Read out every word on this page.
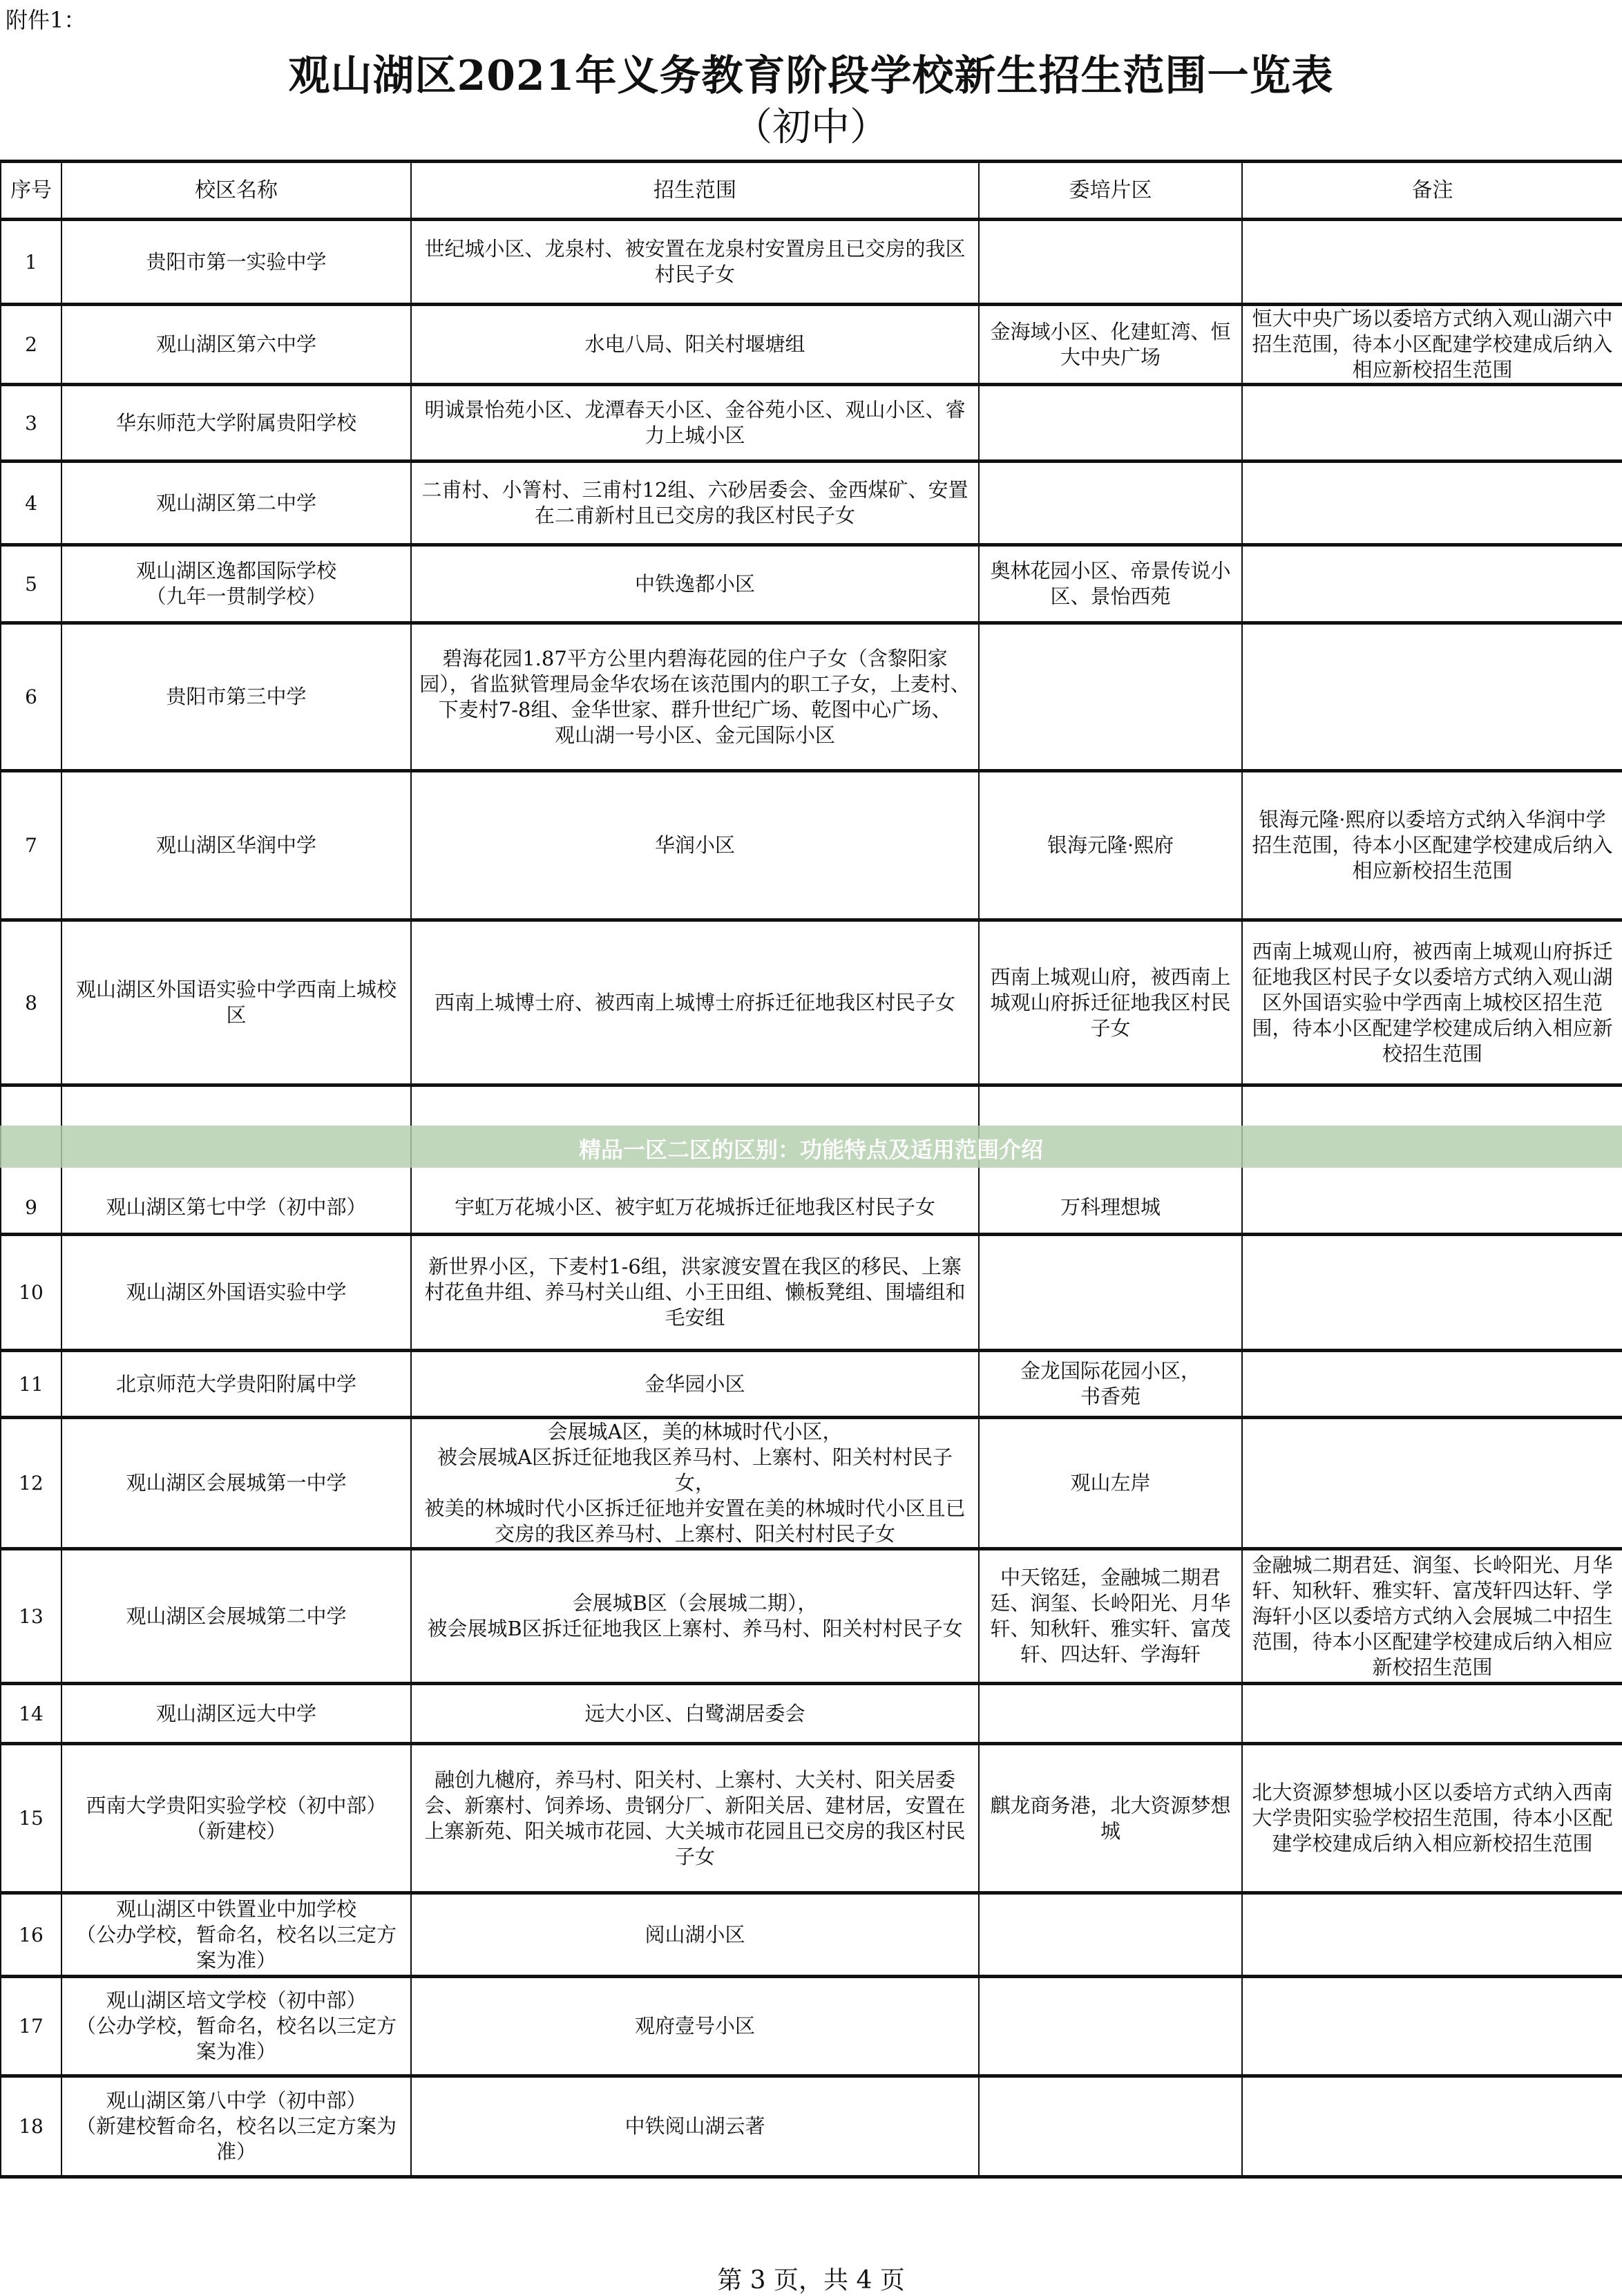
附件1：
观山湖区2021年义务教育阶段学校新生招生范围一览表
（初中）
序号	校区名称	招生范围	委培片区	备注
1	贵阳市第一实验中学	世纪城小区、龙泉村、被安置在龙泉村安置房且已交房的我区村民子女		
2	观山湖区第六中学	水电八局、阳关村堰塘组	金海域小区、化建虹湾、恒大中央广场	恒大中央广场以委培方式纳入观山湖六中招生范围，待本小区配建学校建成后纳入相应新校招生范围
3	华东师范大学附属贵阳学校	明诚景怡苑小区、龙潭春天小区、金谷苑小区、观山小区、睿力上城小区		
4	观山湖区第二中学	二甫村、小箐村、三甫村12组、六砂居委会、金西煤矿、安置在二甫新村且已交房的我区村民子女		
5	观山湖区逸都国际学校
（九年一贯制学校）	中铁逸都小区	奥林花园小区、帝景传说小区、景怡西苑	
6	贵阳市第三中学	碧海花园1.87平方公里内碧海花园的住户子女（含黎阳家园），省监狱管理局金华农场在该范围内的职工子女，上麦村、下麦村7-8组、金华世家、群升世纪广场、乾图中心广场、
观山湖一号小区、金元国际小区		
7	观山湖区华润中学	华润小区	银海元隆·熙府	银海元隆·熙府以委培方式纳入华润中学招生范围，待本小区配建学校建成后纳入相应新校招生范围
8	观山湖区外国语实验中学西南上城校区	西南上城博士府、被西南上城博士府拆迁征地我区村民子女	西南上城观山府，被西南上城观山府拆迁征地我区村民子女	西南上城观山府，被西南上城观山府拆迁征地我区村民子女以委培方式纳入观山湖区外国语实验中学西南上城校区招生范围，待本小区配建学校建成后纳入相应新校招生范围
9	观山湖区第七中学（初中部）	宇虹万花城小区、被宇虹万花城拆迁征地我区村民子女	万科理想城	
10	观山湖区外国语实验中学	新世界小区，下麦村1-6组，洪家渡安置在我区的移民、上寨村花鱼井组、养马村关山组、小王田组、懒板凳组、围墙组和毛安组		
11	北京师范大学贵阳附属中学	金华园小区	金龙国际花园小区，
书香苑	
12	观山湖区会展城第一中学	会展城A区，美的林城时代小区，
被会展城A区拆迁征地我区养马村、上寨村、阳关村村民子女，
被美的林城时代小区拆迁征地并安置在美的林城时代小区且已交房的我区养马村、上寨村、阳关村村民子女	观山左岸	
13	观山湖区会展城第二中学	会展城B区（会展城二期），
被会展城B区拆迁征地我区上寨村、养马村、阳关村村民子女	中天铭廷，金融城二期君廷、润玺、长岭阳光、月华轩、知秋轩、雅实轩、富茂轩、四达轩、学海轩	金融城二期君廷、润玺、长岭阳光、月华轩、知秋轩、雅实轩、富茂轩四达轩、学海轩小区以委培方式纳入会展城二中招生范围，待本小区配建学校建成后纳入相应新校招生范围
14	观山湖区远大中学	远大小区、白鹭湖居委会		
15	西南大学贵阳实验学校（初中部）
（新建校）	融创九樾府，养马村、阳关村、上寨村、大关村、阳关居委会、新寨村、饲养场、贵钢分厂、新阳关居、建材居，安置在上寨新苑、阳关城市花园、大关城市花园且已交房的我区村民子女	麒龙商务港，北大资源梦想城	北大资源梦想城小区以委培方式纳入西南大学贵阳实验学校招生范围，待本小区配建学校建成后纳入相应新校招生范围
16	观山湖区中铁置业中加学校
（公办学校，暂命名，校名以三定方案为准）	阅山湖小区		
17	观山湖区培文学校（初中部）
（公办学校，暂命名，校名以三定方案为准）	观府壹号小区		
18	观山湖区第八中学（初中部）
（新建校暂命名，校名以三定方案为准）	中铁阅山湖云著		
精品一区二区的区别：功能特点及适用范围介绍
第 3 页，共 4 页
